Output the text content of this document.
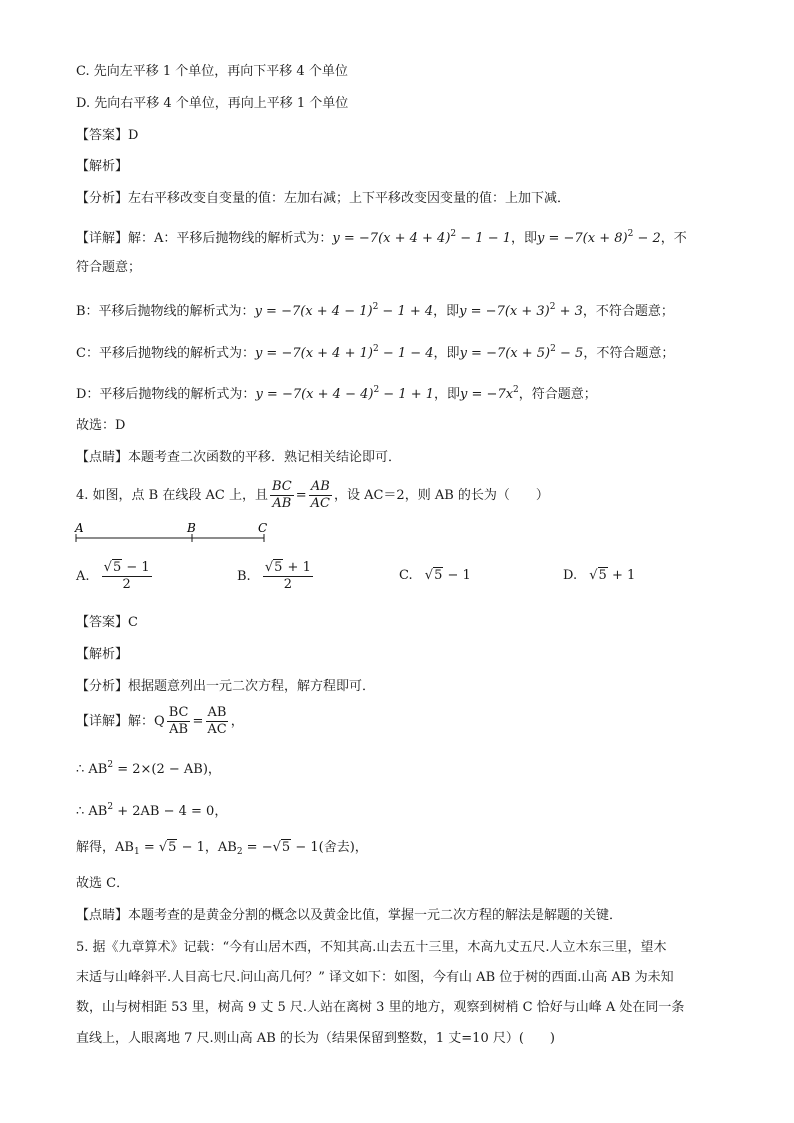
C. 先向左平移 1 个单位，再向下平移 4 个单位
D. 先向右平移 4 个单位，再向上平移 1 个单位
【答案】D
【解析】
【分析】左右平移改变自变量的值：左加右减；上下平移改变因变量的值：上加下减．
【详解】解：A：平移后抛物线的解析式为：$y = -7(x + 4 + 4)^2 - 1 - 1$，即$y = -7(x + 8)^2 - 2$，不
符合题意；
B：平移后抛物线的解析式为：$y = -7(x + 4 - 1)^2 - 1 + 4$，即$y = -7(x + 3)^2 + 3$，不符合题意；
C：平移后抛物线的解析式为：$y = -7(x + 4 + 1)^2 - 1 - 4$，即$y = -7(x + 5)^2 - 5$，不符合题意；
D：平移后抛物线的解析式为：$y = -7(x + 4 - 4)^2 - 1 + 1$，即$y = -7x^2$，符合题意；
故选：D
【点睛】本题考查二次函数的平移．熟记相关结论即可．
4. 如图，点 B 在线段 AC 上，且 $\frac{BC}{AB} = \frac{AB}{AC}$ ，设 AC＝2，则 AB 的长为（　　）
A	B	C
A. $\frac{√5 - 1}{2}$	B. $\frac{√5 + 1}{2}$	C. √5 − 1	D. √5 + 1
【答案】C
【解析】
【分析】根据题意列出一元二次方程，解方程即可．
【详解】解：Q $\frac{BC}{AB} = \frac{AB}{AC}$ ，
∴ $AB^2 = 2\times(2 - AB)$，
∴ $AB^2 + 2AB - 4 = 0$，
解得，$AB_1 = √5 - 1$，$AB_2 = -√5 - 1$(舍去)，
故选 C．
【点睛】本题考查的是黄金分割的概念以及黄金比值，掌握一元二次方程的解法是解题的关键．
5. 据《九章算术》记载：“今有山居木西，不知其高.山去五十三里，木高九丈五尺.人立木东三里，望木
末适与山峰斜平.人目高七尺.问山高几何？” 译文如下：如图，今有山 AB 位于树的西面.山高 AB 为未知
数，山与树相距 53 里，树高 9 丈 5 尺.人站在离树 3 里的地方，观察到树梢 C 恰好与山峰 A 处在同一条
直线上，人眼离地 7 尺.则山高 AB 的长为（结果保留到整数，1 丈=10 尺）(　　)
